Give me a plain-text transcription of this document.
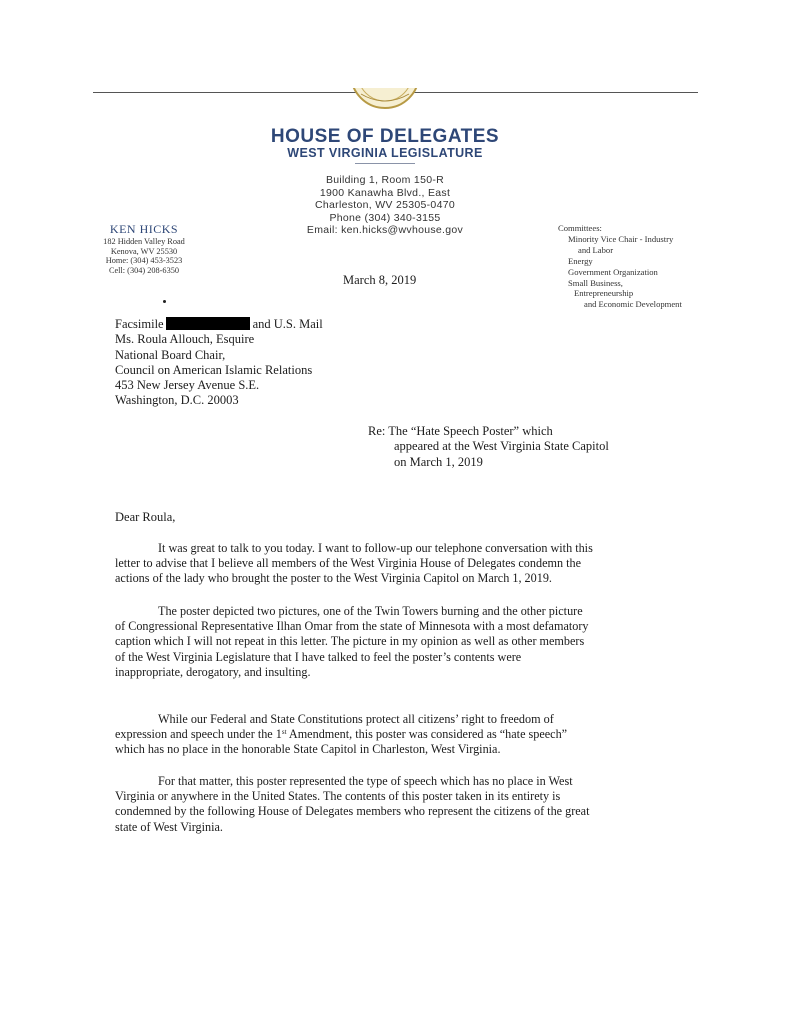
HOUSE OF DELEGATES
WEST VIRGINIA LEGISLATURE
Building 1, Room 150-R
1900 Kanawha Blvd., East
Charleston, WV 25305-0470
Phone (304) 340-3155
Email: ken.hicks@wvhouse.gov
KEN HICKS
182 Hidden Valley Road
Kenova, WV 25530
Home: (304) 453-3523
Cell: (304) 208-6350
Committees:
Minority Vice Chair - Industry
and Labor
Energy
Government Organization
Small Business,
Entrepreneurship
and Economic Development
March 8, 2019
Facsimile	and U.S. Mail
Ms. Roula Allouch, Esquire
National Board Chair,
Council on American Islamic Relations
453 New Jersey Avenue S.E.
Washington, D.C. 20003
Re: The “Hate Speech Poster” which
appeared at the West Virginia State Capitol
on March 1, 2019
Dear Roula,
It was great to talk to you today. I want to follow-up our telephone conversation with this
letter to advise that I believe all members of the West Virginia House of Delegates condemn the
actions of the lady who brought the poster to the West Virginia Capitol on March 1, 2019.
The poster depicted two pictures, one of the Twin Towers burning and the other picture
of Congressional Representative Ilhan Omar from the state of Minnesota with a most defamatory
caption which I will not repeat in this letter. The picture in my opinion as well as other members
of the West Virginia Legislature that I have talked to feel the poster’s contents were
inappropriate, derogatory, and insulting.
While our Federal and State Constitutions protect all citizens’ right to freedom of
expression and speech under the 1st Amendment, this poster was considered as “hate speech”
which has no place in the honorable State Capitol in Charleston, West Virginia.
For that matter, this poster represented the type of speech which has no place in West
Virginia or anywhere in the United States. The contents of this poster taken in its entirety is
condemned by the following House of Delegates members who represent the citizens of the great
state of West Virginia.
